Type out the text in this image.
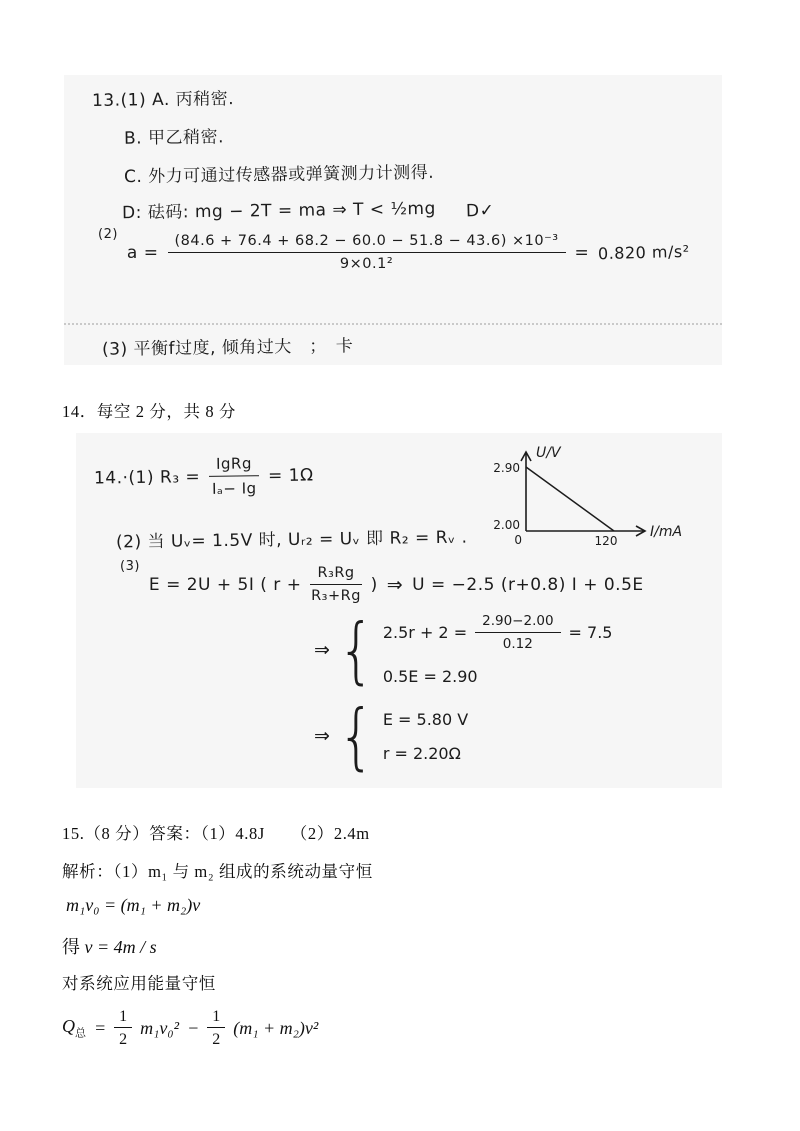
13.(1) A. 丙稍密.
B. 甲乙稍密.
C. 外力可通过传感器或弹簧测力计测得.
D: 砝码: mg − 2T = ma ⇒ T < ½mg D✓
(2)
$a = \frac{\text{(84.6 + 76.4 + 68.2 − 60.0 − 51.8 − 43.6) ×10⁻³}}{\text{9×0.1²}} = 0.820$ m/s²
(3) 平衡f过度, 倾角过大　；　卡
14．每空 2 分，共 8 分
14.·(1) $R_3 = \frac{\text{IgRg}}{\text{Iₐ− Ig}} = 1\Omega$
U/V
2.90
2.00
0	120
I/mA
(2) 当 Uᵥ= 1.5V 时, Uᵣ₂ = Uᵥ 即 R₂ = Rᵥ .
(3)
E = 2U + 5I ( $r + \frac{\text{R₃Rg}}{\text{R₃+Rg}}$ ) ⇒ U = −2.5 (r+0.8) I + 0.5E
⇒ { $2.5r + 2 = \frac{2.90-2.00}{0.12} = 7.5$
0.5E = 2.90
⇒ { E = 5.80 V
r = 2.20Ω
15.（8 分）答案：（1）4.8J　　（2）2.4m
解析：（1）m₁ 与 m₂ 组成的系统动量守恒
m₁v₀ = (m₁ + m₂)v
得 v = 4m / s
对系统应用能量守恒
$Q_总 = \frac{1}{2} m_1v_0^2 - \frac{1}{2} (m_1 + m_2)v^2$
